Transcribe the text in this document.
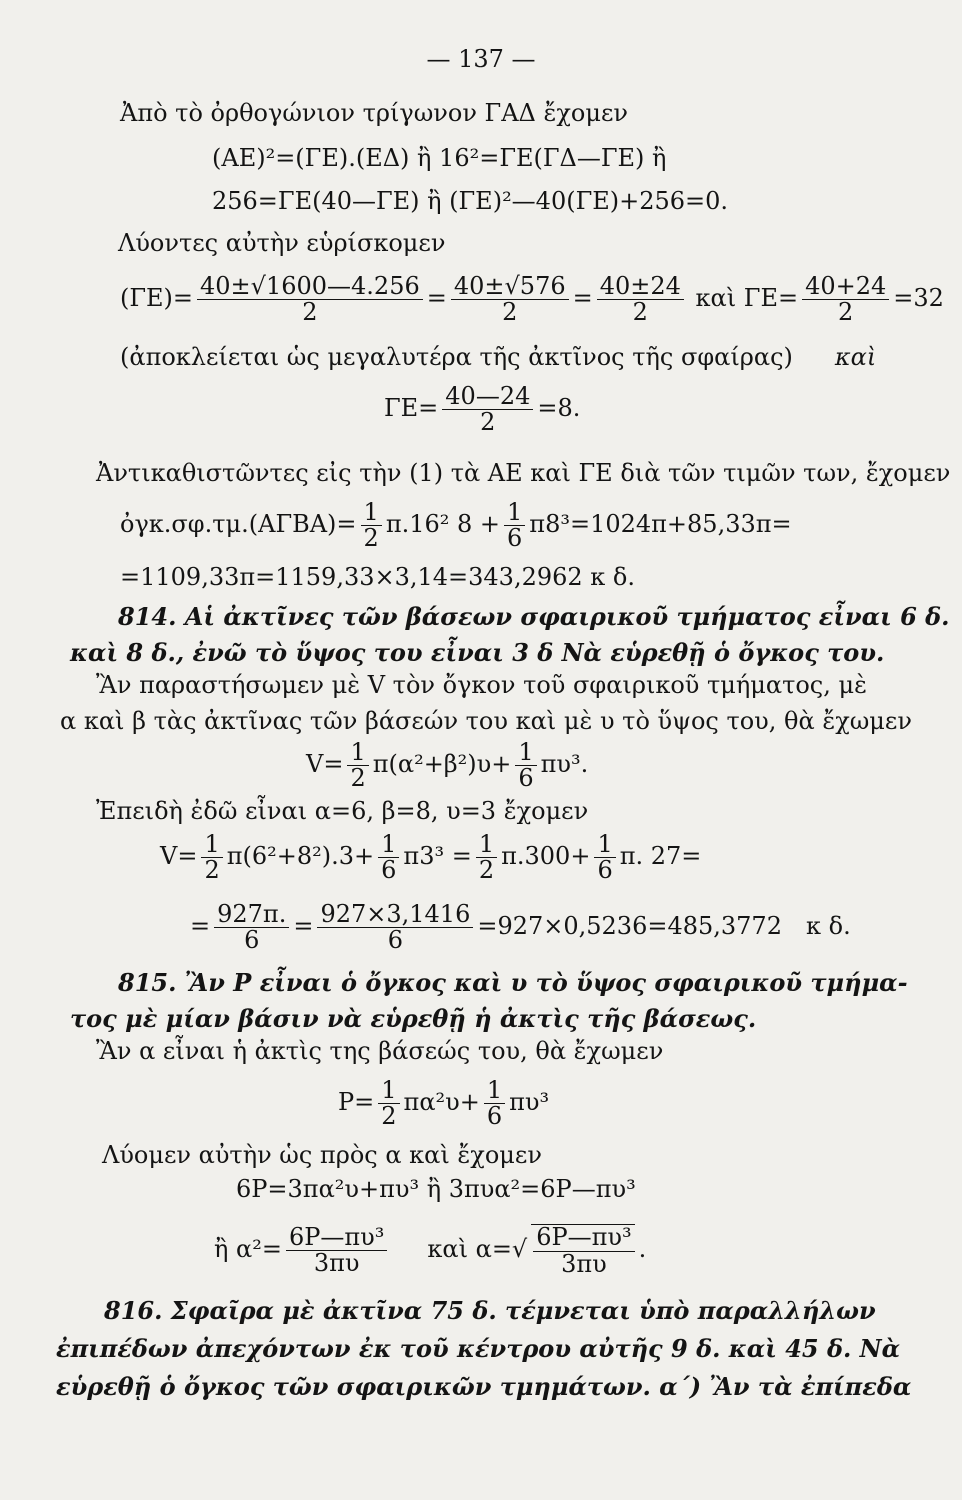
— 137 —
Ἀπὸ τὸ ὀρθογώνιον τρίγωνον ΓΑΔ ἔχομεν
(ΑΕ)²=(ΓΕ).(ΕΔ) ἢ 16²=ΓΕ(ΓΔ—ΓΕ) ἢ
256=ΓΕ(40—ΓΕ) ἢ (ΓΕ)²—40(ΓΕ)+256=0.
Λύοντες αὐτὴν εὑρίσκομεν
$(\Gamma E)= \frac{40\pm√1600—4.256}{2} = \frac{40\pm√576}{2} = \frac{40\pm 24}{2}$ καὶ $\Gamma E= \frac{40+24}{2} =32$
(ἀποκλείεται ὡς μεγαλυτέρα τῆς ἀκτῖνος τῆς σφαίρας) καὶ
$\Gamma E= \frac{40—24}{2} =8$.
Ἀντικαθιστῶντες εἰς τὴν (1) τὰ ΑΕ καὶ ΓΕ διὰ τῶν τιμῶν των, ἔχομεν
ὀγκ.σφ.τμ.(ΑΓΒΑ)= $\frac{1}{2} \pi.16^2$ $8 + \frac{1}{6} \pi 8^3=1024\pi+85,33\pi=$
=1109,33π=1159,33×3,14=343,2962 κ δ.
814. Αἱ ἀκτῖνες τῶν βάσεων σφαιρικοῦ τμήματος εἶναι 6 δ.
καὶ 8 δ., ἐνῶ τὸ ὕψος του εἶναι 3 δ Νὰ εὑρεθῇ ὁ ὄγκος του.
Ἂν παραστήσωμεν μὲ V τὸν ὄγκον τοῦ σφαιρικοῦ τμήματος, μὲ
α καὶ β τὰς ἀκτῖνας τῶν βάσεών του καὶ μὲ υ τὸ ὕψος του, θὰ ἔχωμεν
$V= \frac{1}{2} \pi(\alpha^2+\beta^2)\upsilon+ \frac{1}{6} \pi\upsilon^3$.
Ἐπειδὴ ἐδῶ εἶναι α=6, β=8, υ=3 ἔχομεν
$V= \frac{1}{2} \pi(6^2+8^2).3+ \frac{1}{6} \pi 3^3 = \frac{1}{2} \pi.300+ \frac{1}{6} \pi$. 27=
= $\frac{927\pi.}{6} = \frac{927\times 3,1416}{6} =927\times 0,5236=485,3772$ κ δ.
815. Ἂν P εἶναι ὁ ὄγκος καὶ υ τὸ ὕψος σφαιρικοῦ τμήμα-
τος μὲ μίαν βάσιν νὰ εὑρεθῇ ἡ ἀκτὶς τῆς βάσεως.
Ἂν α εἶναι ἡ ἀκτὶς της βάσεώς του, θὰ ἔχωμεν
$P= \frac{1}{2} \pi\alpha^2\upsilon+ \frac{1}{6} \pi\upsilon^3$
Λύομεν αὐτὴν ὡς πρὸς α καὶ ἔχομεν
6P=3πα²υ+πυ³ ἢ 3πυα²=6P—πυ³
ἢ $\alpha^2= \frac{\text{6P—πυ³}}{3\pi\upsilon}$ καὶ $\alpha=√ \frac{\text{6P—πυ³}}{3\pi\upsilon}$ .
816. Σφαῖρα μὲ ἀκτῖνα 75 δ. τέμνεται ὑπὸ παραλλήλων
ἐπιπέδων ἀπεχόντων ἐκ τοῦ κέντρου αὐτῆς 9 δ. καὶ 45 δ. Νὰ
εὑρεθῇ ὁ ὄγκος τῶν σφαιρικῶν τμημάτων. α΄) Ἂν τὰ ἐπίπεδα
